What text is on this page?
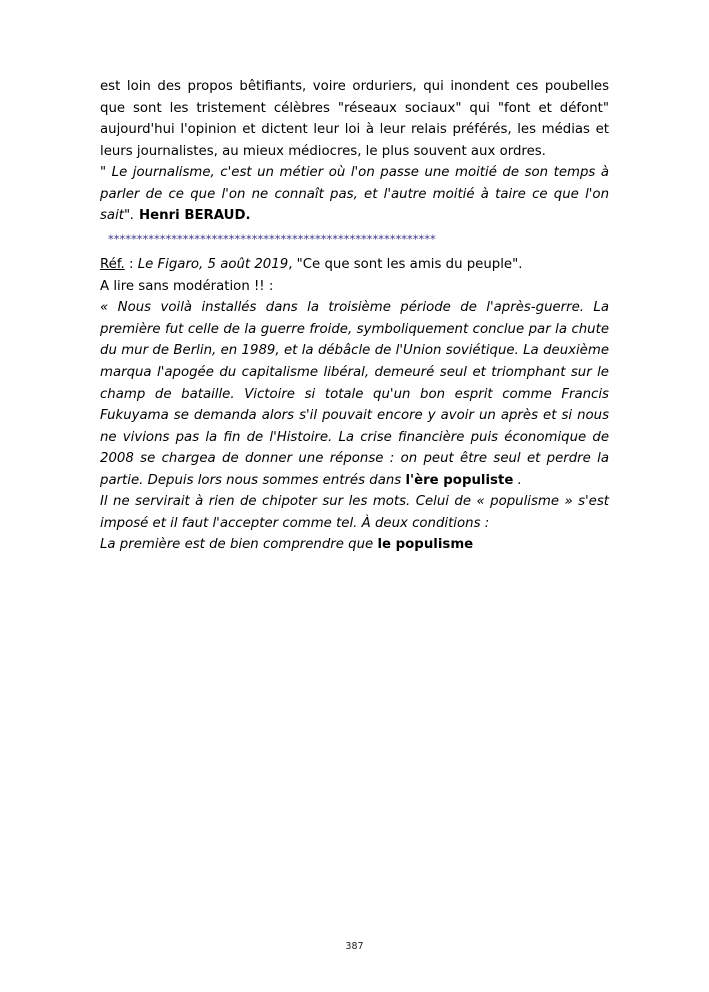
est loin des propos bêtifiants, voire orduriers, qui inondent ces poubelles que sont les tristement célèbres "réseaux sociaux" qui "font et défont" aujourd'hui l'opinion et dictent leur loi à leur relais préférés, les médias et leurs journalistes, au mieux médiocres, le plus souvent aux ordres.

" Le journalisme, c'est un métier où l'on passe une moitié de son temps à parler de ce que l'on ne connaît pas, et l'autre moitié à taire ce que l'on sait". Henri BERAUD.

*********************************************************

Réf. : Le Figaro, 5 août 2019, "Ce que sont les amis du peuple".

A lire sans modération !! :

« Nous voilà installés dans la troisième période de l'après-guerre. La première fut celle de la guerre froide, symboliquement conclue par la chute du mur de Berlin, en 1989, et la débâcle de l'Union soviétique. La deuxième marqua l'apogée du capitalisme libéral, demeuré seul et triomphant sur le champ de bataille. Victoire si totale qu'un bon esprit comme Francis Fukuyama se demanda alors s'il pouvait encore y avoir un après et si nous ne vivions pas la fin de l'Histoire. La crise financière puis économique de 2008 se chargea de donner une réponse : on peut être seul et perdre la partie. Depuis lors nous sommes entrés dans l'ère populiste .

Il ne servirait à rien de chipoter sur les mots. Celui de « populisme » s'est imposé et il faut l'accepter comme tel. À deux conditions :

La première est de bien comprendre que le populisme

387
